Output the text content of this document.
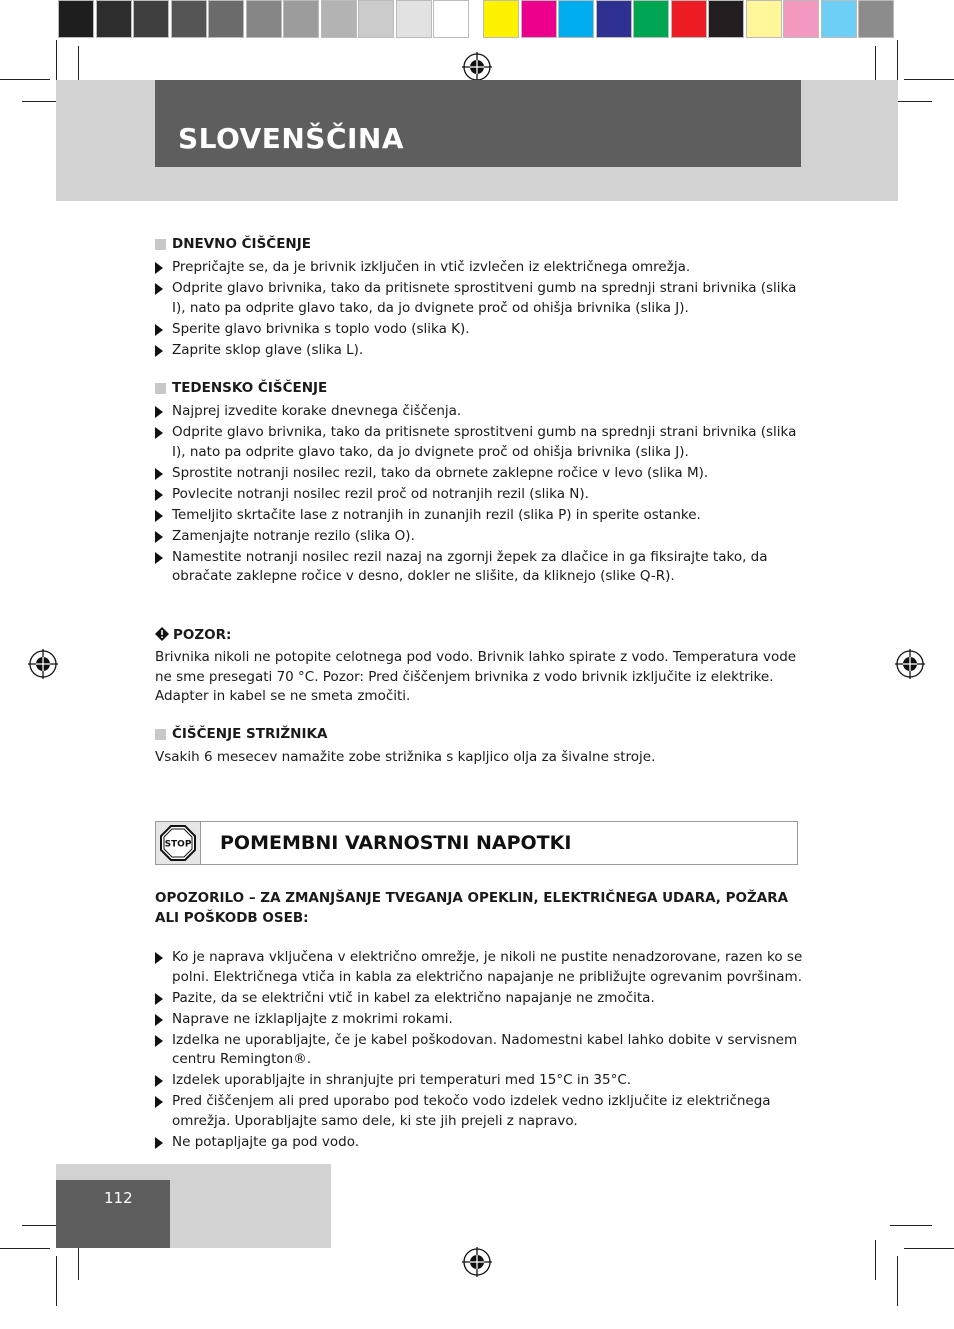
SLOVENŠČINA
DNEVNO ČIŠČENJE
Prepričajte se, da je brivnik izključen in vtič izvlečen iz električnega omrežja.
Odprite glavo brivnika, tako da pritisnete sprostitveni gumb na sprednji strani brivnika (slika I), nato pa odprite glavo tako, da jo dvignete proč od ohišja brivnika (slika J).
Sperite glavo brivnika s toplo vodo (slika K).
Zaprite sklop glave (slika L).
TEDENSKO ČIŠČENJE
Najprej izvedite korake dnevnega čiščenja.
Odprite glavo brivnika, tako da pritisnete sprostitveni gumb na sprednji strani brivnika (slika I), nato pa odprite glavo tako, da jo dvignete proč od ohišja brivnika (slika J).
Sprostite notranji nosilec rezil, tako da obrnete zaklepne ročice v levo (slika M).
Povlecite notranji nosilec rezil proč od notranjih rezil (slika N).
Temeljito skrtačite lase z notranjih in zunanjih rezil (slika P) in sperite ostanke.
Zamenjajte notranje rezilo (slika O).
Namestite notranji nosilec rezil nazaj na zgornji žepek za dlačice in ga fiksirajte tako, da obračate zaklepne ročice v desno, dokler ne slišite, da kliknejo (slike Q-R).
POZOR:
Brivnika nikoli ne potopite celotnega pod vodo. Brivnik lahko spirate z vodo. Temperatura vode ne sme presegati 70 °C. Pozor: Pred čiščenjem brivnika z vodo brivnik izključite iz elektrike. Adapter in kabel se ne smeta zmočiti.
ČIŠČENJE STRIŽNIKA
Vsakih 6 mesecev namažite zobe strižnika s kapljico olja za šivalne stroje.
STOP POMEMBNI VARNOSTNI NAPOTKI
OPOZORILO – ZA ZMANJŠANJE TVEGANJA OPEKLIN, ELEKTRIČNEGA UDARA, POŽARA ALI POŠKODB OSEB:
Ko je naprava vključena v električno omrežje, je nikoli ne pustite nenadzorovane, razen ko se polni. Električnega vtiča in kabla za električno napajanje ne približujte ogrevanim površinam.
Pazite, da se električni vtič in kabel za električno napajanje ne zmočita.
Naprave ne izklapljajte z mokrimi rokami.
Izdelka ne uporabljajte, če je kabel poškodovan. Nadomestni kabel lahko dobite v servisnem centru Remington®.
Izdelek uporabljajte in shranjujte pri temperaturi med 15°C in 35°C.
Pred čiščenjem ali pred uporabo pod tekočo vodo izdelek vedno izključite iz električnega omrežja. Uporabljajte samo dele, ki ste jih prejeli z napravo.
Ne potapljajte ga pod vodo.
112
